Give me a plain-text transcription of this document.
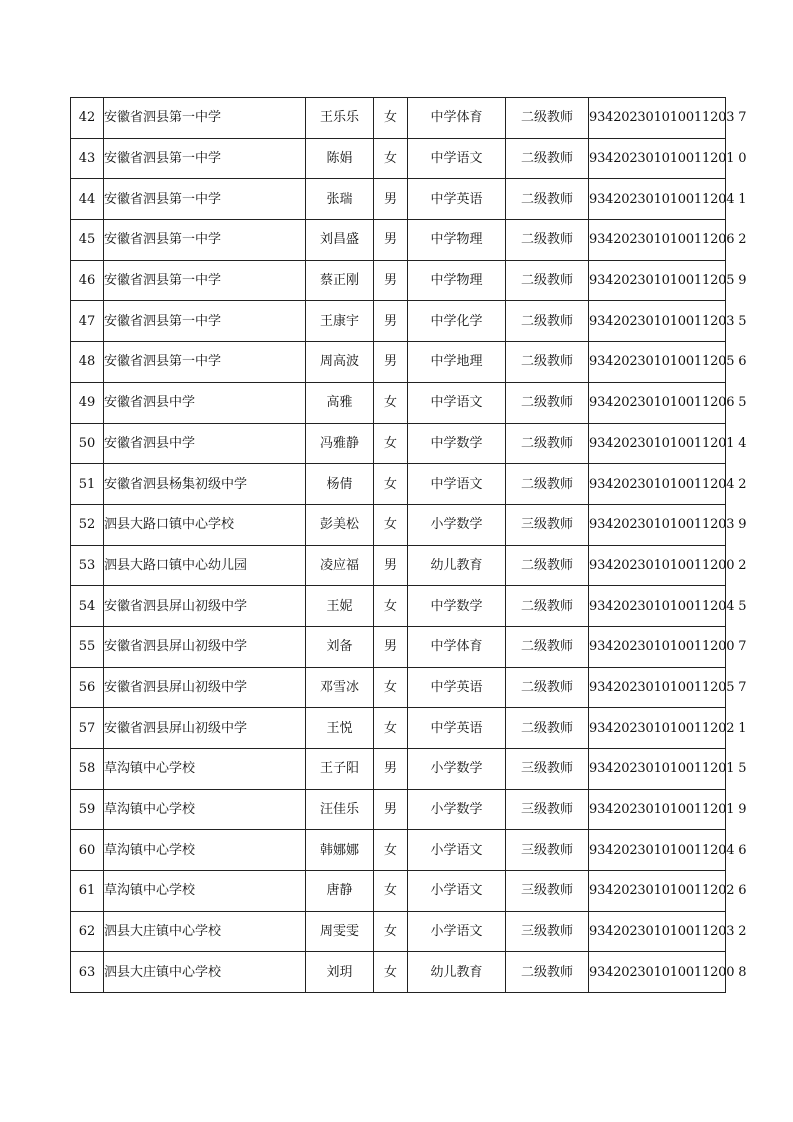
42	安徽省泗县第一中学	王乐乐	女	中学体育	二级教师	934202301010011203 7
43	安徽省泗县第一中学	陈娟	女	中学语文	二级教师	934202301010011201 0
44	安徽省泗县第一中学	张瑞	男	中学英语	二级教师	934202301010011204 1
45	安徽省泗县第一中学	刘昌盛	男	中学物理	二级教师	934202301010011206 2
46	安徽省泗县第一中学	蔡正刚	男	中学物理	二级教师	934202301010011205 9
47	安徽省泗县第一中学	王康宇	男	中学化学	二级教师	934202301010011203 5
48	安徽省泗县第一中学	周高波	男	中学地理	二级教师	934202301010011205 6
49	安徽省泗县中学	高雅	女	中学语文	二级教师	934202301010011206 5
50	安徽省泗县中学	冯雅静	女	中学数学	二级教师	934202301010011201 4
51	安徽省泗县杨集初级中学	杨倩	女	中学语文	二级教师	934202301010011204 2
52	泗县大路口镇中心学校	彭美松	女	小学数学	三级教师	934202301010011203 9
53	泗县大路口镇中心幼儿园	凌应福	男	幼儿教育	二级教师	934202301010011200 2
54	安徽省泗县屏山初级中学	王妮	女	中学数学	二级教师	934202301010011204 5
55	安徽省泗县屏山初级中学	刘备	男	中学体育	二级教师	934202301010011200 7
56	安徽省泗县屏山初级中学	邓雪冰	女	中学英语	二级教师	934202301010011205 7
57	安徽省泗县屏山初级中学	王悦	女	中学英语	二级教师	934202301010011202 1
58	草沟镇中心学校	王子阳	男	小学数学	三级教师	934202301010011201 5
59	草沟镇中心学校	汪佳乐	男	小学数学	三级教师	934202301010011201 9
60	草沟镇中心学校	韩娜娜	女	小学语文	三级教师	934202301010011204 6
61	草沟镇中心学校	唐静	女	小学语文	三级教师	934202301010011202 6
62	泗县大庄镇中心学校	周雯雯	女	小学语文	三级教师	934202301010011203 2
63	泗县大庄镇中心学校	刘玥	女	幼儿教育	二级教师	934202301010011200 8
